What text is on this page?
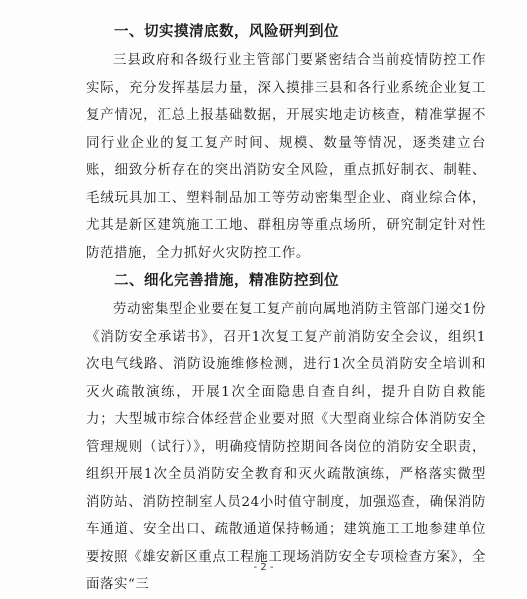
一、切实摸清底数，风险研判到位

三县政府和各级行业主管部门要紧密结合当前疫情防控工作实际，充分发挥基层力量，深入摸排三县和各行业系统企业复工复产情况，汇总上报基础数据，开展实地走访核查，精准掌握不同行业企业的复工复产时间、规模、数量等情况，逐类建立台账，细致分析存在的突出消防安全风险，重点抓好制衣、制鞋、毛绒玩具加工、塑料制品加工等劳动密集型企业、商业综合体，尤其是新区建筑施工工地、群租房等重点场所，研究制定针对性防范措施，全力抓好火灾防控工作。

二、细化完善措施，精准防控到位

劳动密集型企业要在复工复产前向属地消防主管部门递交1份《消防安全承诺书》，召开1次复工复产前消防安全会议，组织1次电气线路、消防设施维修检测，进行1次全员消防安全培训和灭火疏散演练，开展1次全面隐患自查自纠，提升自防自救能力；大型城市综合体经营企业要对照《大型商业综合体消防安全管理规则（试行）》，明确疫情防控期间各岗位的消防安全职责，组织开展1次全员消防安全教育和灭火疏散演练，严格落实微型消防站、消防控制室人员24小时值守制度，加强巡查，确保消防车通道、安全出口、疏散通道保持畅通；建筑施工工地参建单位要按照《雄安新区重点工程施工现场消防安全专项检查方案》，全面落实“三

- 2 -
